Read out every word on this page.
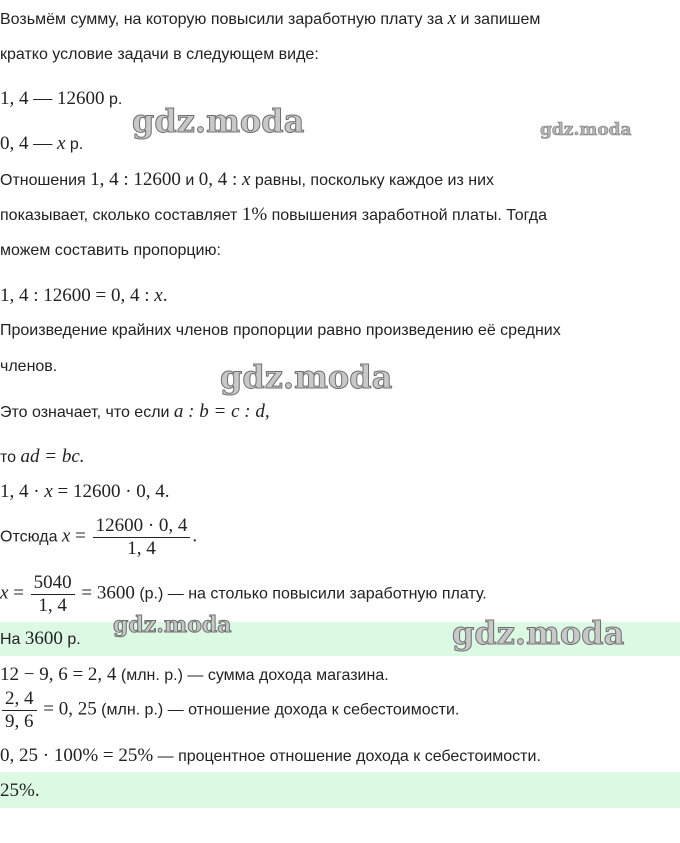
Возьмём сумму, на которую повысили заработную плату за x и запишем
кратко условие задачи в следующем виде:
1, 4 — 12600 р.
0, 4 — x р.
Отношения 1, 4 : 12600 и 0, 4 : x равны, поскольку каждое из них
показывает, сколько составляет 1% повышения заработной платы. Тогда
можем составить пропорцию:
1, 4 : 12600 = 0, 4 : x.
Произведение крайних членов пропорции равно произведению её средних
членов.
Это означает, что если a : b = c : d,
то ad = bc.
1, 4 · x = 12600 · 0, 4.
Отсюда $x = \frac{12600 \cdot 0, 4}{1, 4}$ .
$x = \frac{5040}{1, 4} = 3600$ (р.) — на столько повысили заработную плату.
На 3600 р.
12 − 9, 6 = 2, 4 (млн. р.) — сумма дохода магазина.
$\frac{2, 4}{9, 6} = 0$, 25 (млн. р.) — отношение дохода к себестоимости.
0, 25 · 100% = 25% — процентное отношение дохода к себестоимости.
25%.
gdz.moda	gdz.moda
gdz.moda
gdz.moda	gdz.moda
